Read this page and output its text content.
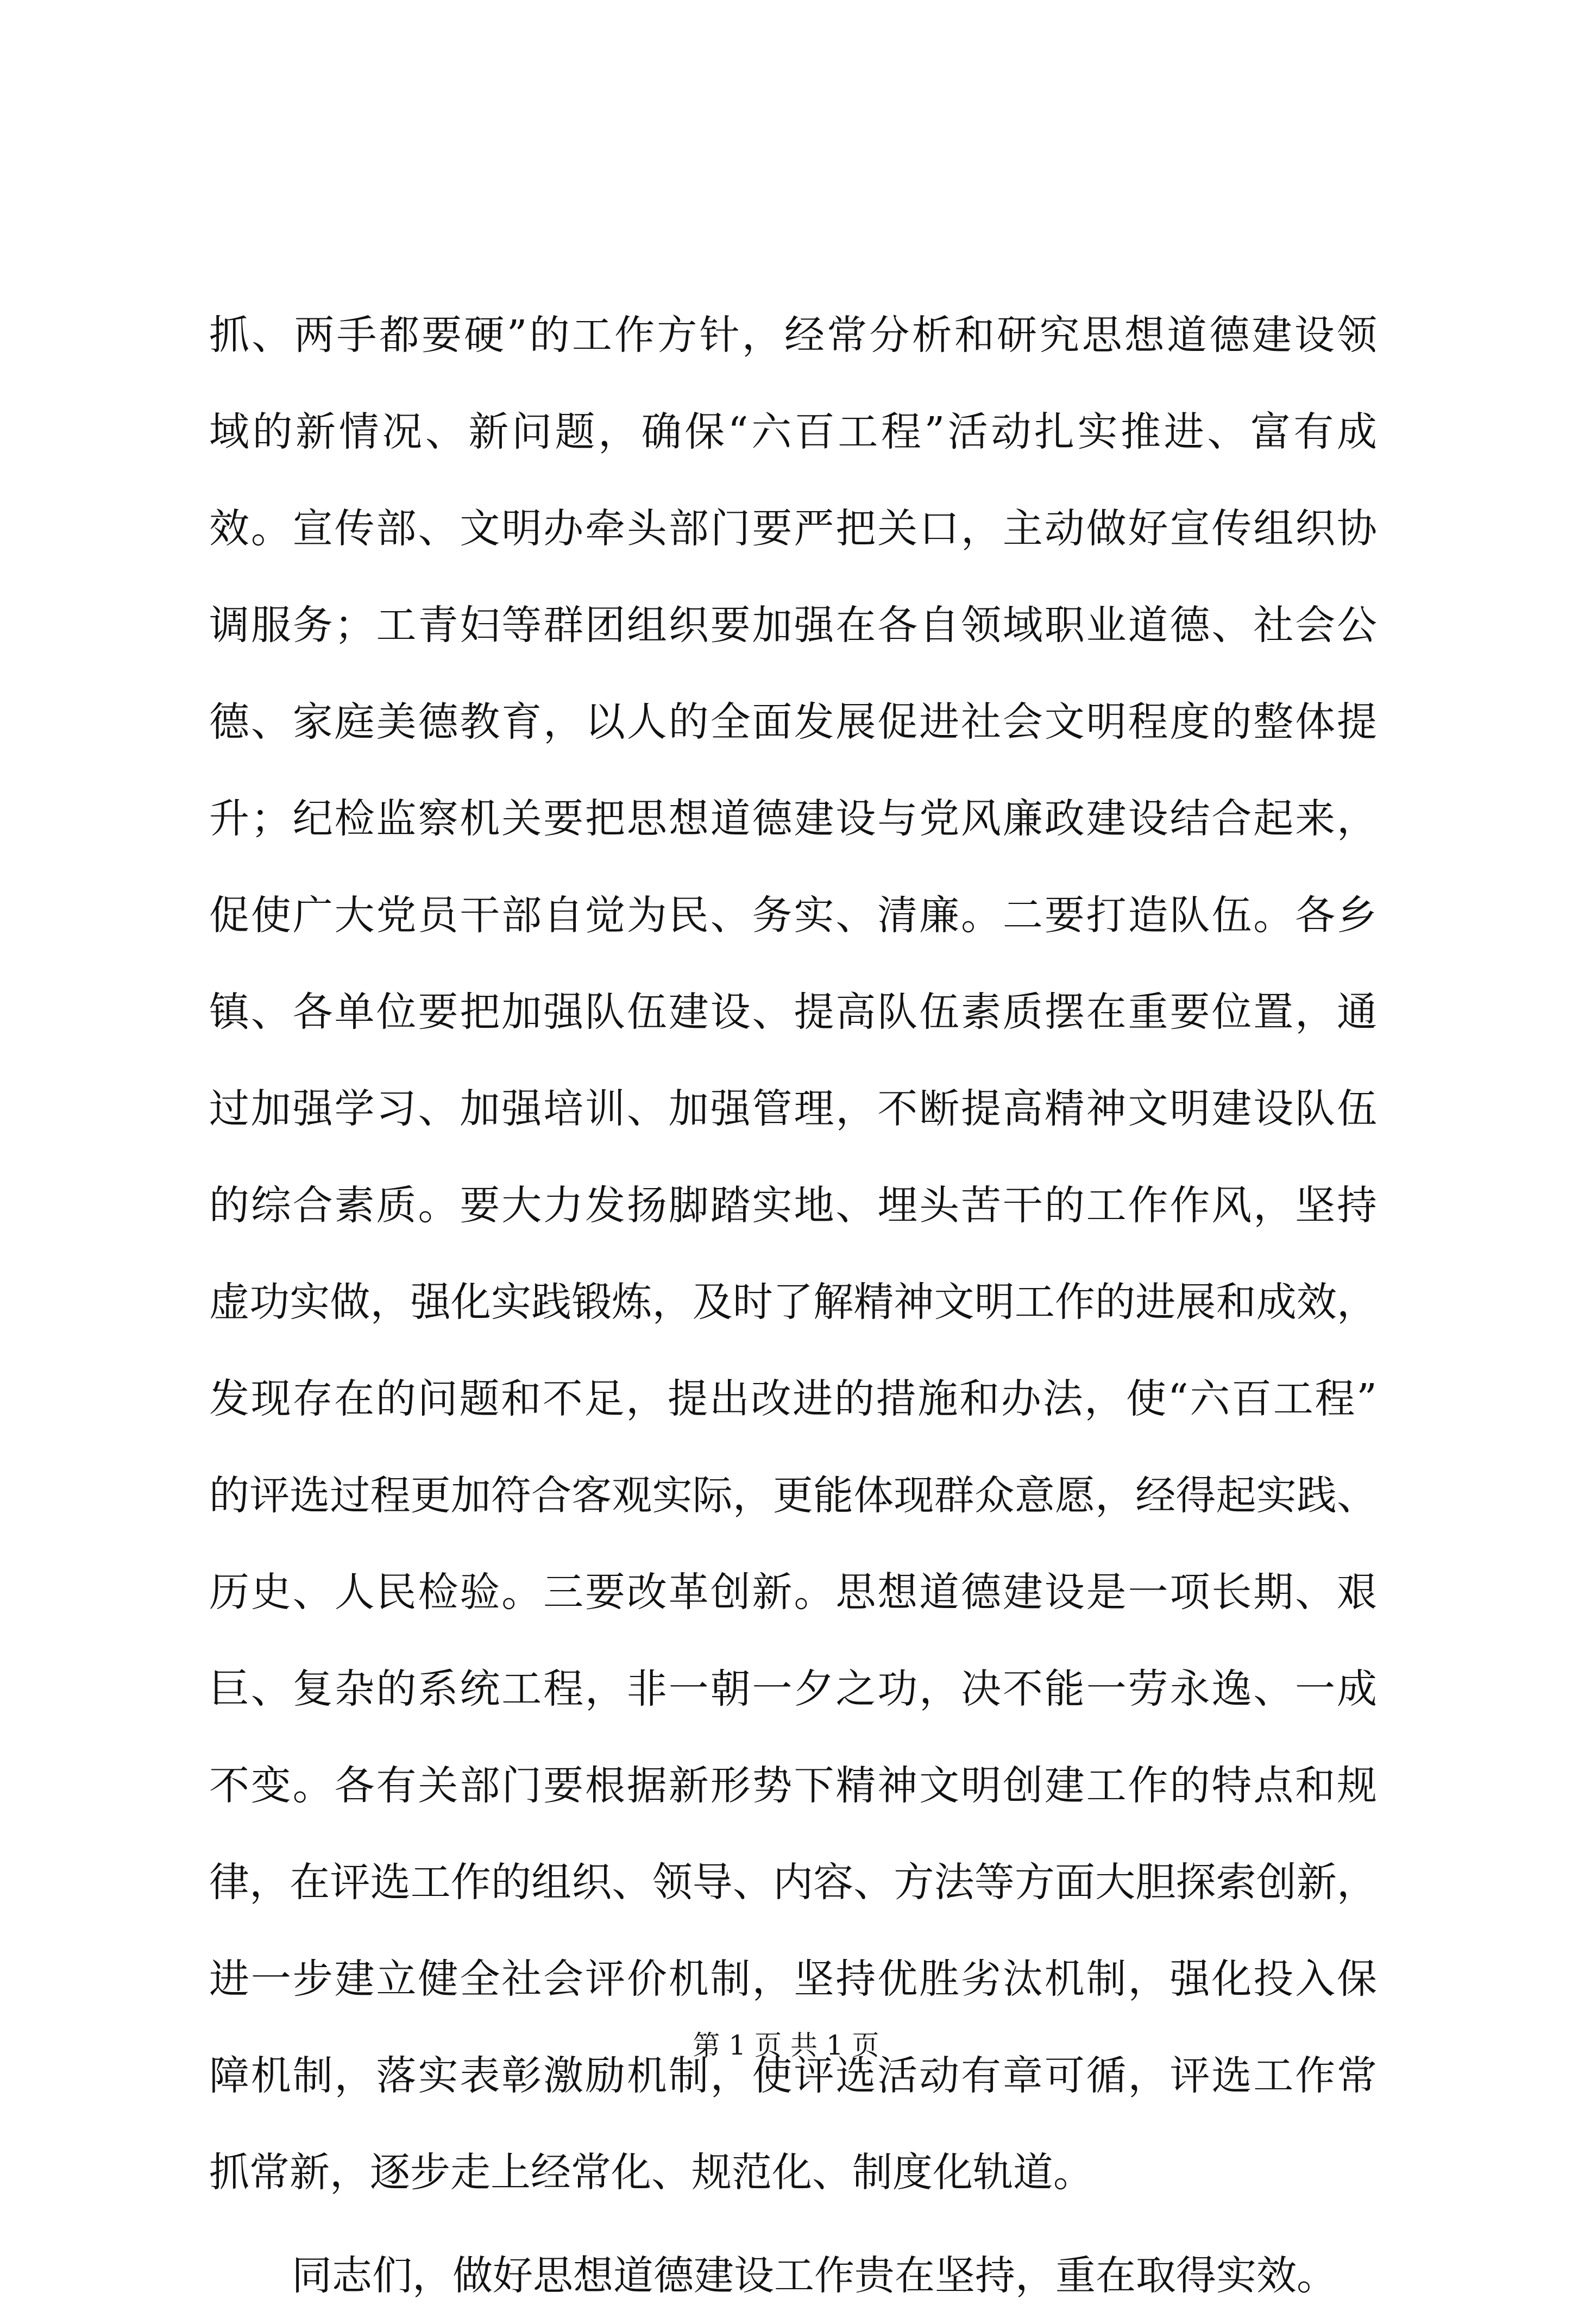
抓、两手都要硬”的工作方针，经常分析和研究思想道德建设领
域的新情况、新问题，确保“六百工程”活动扎实推进、富有成
效。宣传部、文明办牵头部门要严把关口，主动做好宣传组织协
调服务；工青妇等群团组织要加强在各自领域职业道德、社会公
德、家庭美德教育，以人的全面发展促进社会文明程度的整体提
升；纪检监察机关要把思想道德建设与党风廉政建设结合起来，
促使广大党员干部自觉为民、务实、清廉。二要打造队伍。各乡
镇、各单位要把加强队伍建设、提高队伍素质摆在重要位置，通
过加强学习、加强培训、加强管理，不断提高精神文明建设队伍
的综合素质。要大力发扬脚踏实地、埋头苦干的工作作风，坚持
虚功实做，强化实践锻炼，及时了解精神文明工作的进展和成效，
发现存在的问题和不足，提出改进的措施和办法，使“六百工程”
的评选过程更加符合客观实际，更能体现群众意愿，经得起实践、
历史、人民检验。三要改革创新。思想道德建设是一项长期、艰
巨、复杂的系统工程，非一朝一夕之功，决不能一劳永逸、一成
不变。各有关部门要根据新形势下精神文明创建工作的特点和规
律，在评选工作的组织、领导、内容、方法等方面大胆探索创新，
进一步建立健全社会评价机制，坚持优胜劣汰机制，强化投入保
障机制，落实表彰激励机制，使评选活动有章可循，评选工作常
抓常新，逐步走上经常化、规范化、制度化轨道。
同志们，做好思想道德建设工作贵在坚持，重在取得实效。
第 1 页 共 1 页
